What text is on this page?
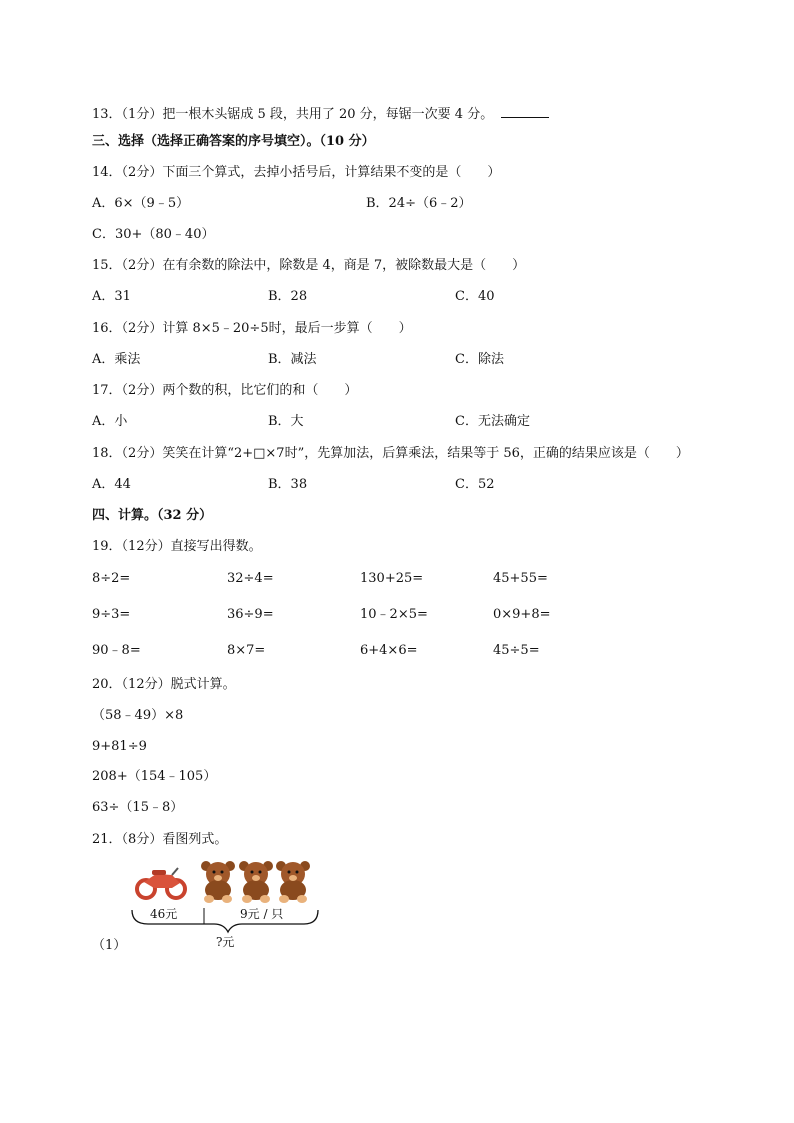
13．（1分）把一根木头锯成 5 段，共用了 20 分，每锯一次要 4 分。
三、选择（选择正确答案的序号填空）。（10 分）
14．（2分）下面三个算式，去掉小括号后，计算结果不变的是（　　）
A．6×（9﹣5）	B．24÷（6﹣2）
C．30+（80﹣40）
15．（2分）在有余数的除法中，除数是 4，商是 7，被除数最大是（　　）
A．31	B．28	C．40
16．（2分）计算 8×5﹣20÷5时，最后一步算（　　）
A．乘法	B．减法	C．除法
17．（2分）两个数的积，比它们的和（　　）
A．小	B．大	C．无法确定
18．（2分）笑笑在计算“2+□×7时”，先算加法，后算乘法，结果等于 56，正确的结果应该是（　　）
A．44	B．38	C．52
四、计算。（32 分）
19．（12分）直接写出得数。
8÷2=	32÷4=	130+25=	45+55=
9÷3=	36÷9=	10﹣2×5=	0×9+8=
90﹣8=	8×7=	6+4×6=	45÷5=
20．（12分）脱式计算。
（58﹣49）×8
9+81÷9
208+（154﹣105）
63÷（15﹣8）
21．（8分）看图列式。
46元	9元 / 只
?元
（1）
